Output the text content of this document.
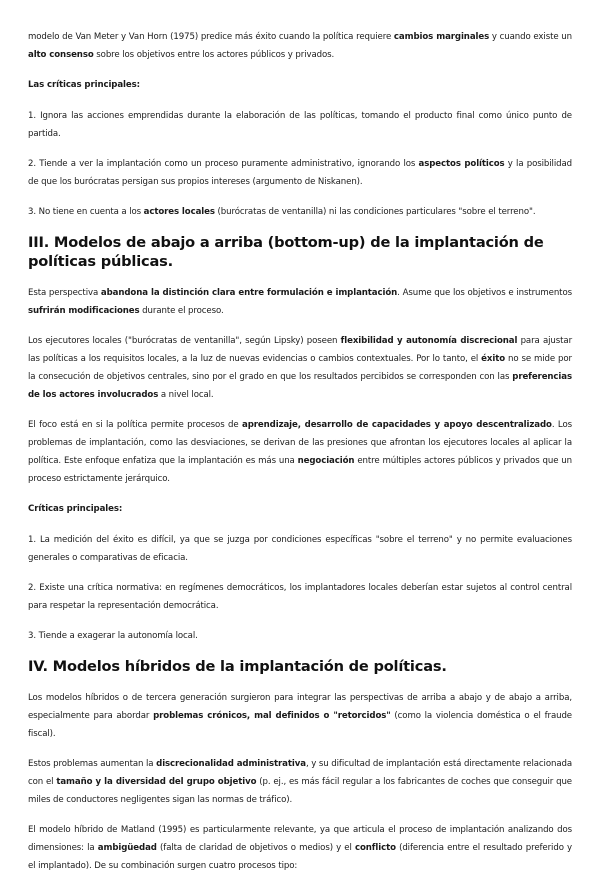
modelo de Van Meter y Van Horn (1975) predice más éxito cuando la política requiere cambios marginales y cuando existe un alto consenso sobre los objetivos entre los actores públicos y privados.

Las críticas principales:

1. Ignora las acciones emprendidas durante la elaboración de las políticas, tomando el producto final como único punto de partida.

2. Tiende a ver la implantación como un proceso puramente administrativo, ignorando los aspectos políticos y la posibilidad de que los burócratas persigan sus propios intereses (argumento de Niskanen).

3. No tiene en cuenta a los actores locales (burócratas de ventanilla) ni las condiciones particulares "sobre el terreno".

III. Modelos de abajo a arriba (bottom-up) de la implantación de políticas públicas.

Esta perspectiva abandona la distinción clara entre formulación e implantación. Asume que los objetivos e instrumentos sufrirán modificaciones durante el proceso.

Los ejecutores locales ("burócratas de ventanilla", según Lipsky) poseen flexibilidad y autonomía discrecional para ajustar las políticas a los requisitos locales, a la luz de nuevas evidencias o cambios contextuales. Por lo tanto, el éxito no se mide por la consecución de objetivos centrales, sino por el grado en que los resultados percibidos se corresponden con las preferencias de los actores involucrados a nivel local.

El foco está en si la política permite procesos de aprendizaje, desarrollo de capacidades y apoyo descentralizado. Los problemas de implantación, como las desviaciones, se derivan de las presiones que afrontan los ejecutores locales al aplicar la política. Este enfoque enfatiza que la implantación es más una negociación entre múltiples actores públicos y privados que un proceso estrictamente jerárquico.

Críticas principales:

1. La medición del éxito es difícil, ya que se juzga por condiciones específicas "sobre el terreno" y no permite evaluaciones generales o comparativas de eficacia.

2. Existe una crítica normativa: en regímenes democráticos, los implantadores locales deberían estar sujetos al control central para respetar la representación democrática.

3. Tiende a exagerar la autonomía local.

IV. Modelos híbridos de la implantación de políticas.

Los modelos híbridos o de tercera generación surgieron para integrar las perspectivas de arriba a abajo y de abajo a arriba, especialmente para abordar problemas crónicos, mal definidos o "retorcidos" (como la violencia doméstica o el fraude fiscal).

Estos problemas aumentan la discrecionalidad administrativa, y su dificultad de implantación está directamente relacionada con el tamaño y la diversidad del grupo objetivo (p. ej., es más fácil regular a los fabricantes de coches que conseguir que miles de conductores negligentes sigan las normas de tráfico).

El modelo híbrido de Matland (1995) es particularmente relevante, ya que articula el proceso de implantación analizando dos dimensiones: la ambigüedad (falta de claridad de objetivos o medios) y el conflicto (diferencia entre el resultado preferido y el implantado). De su combinación surgen cuatro procesos tipo:
